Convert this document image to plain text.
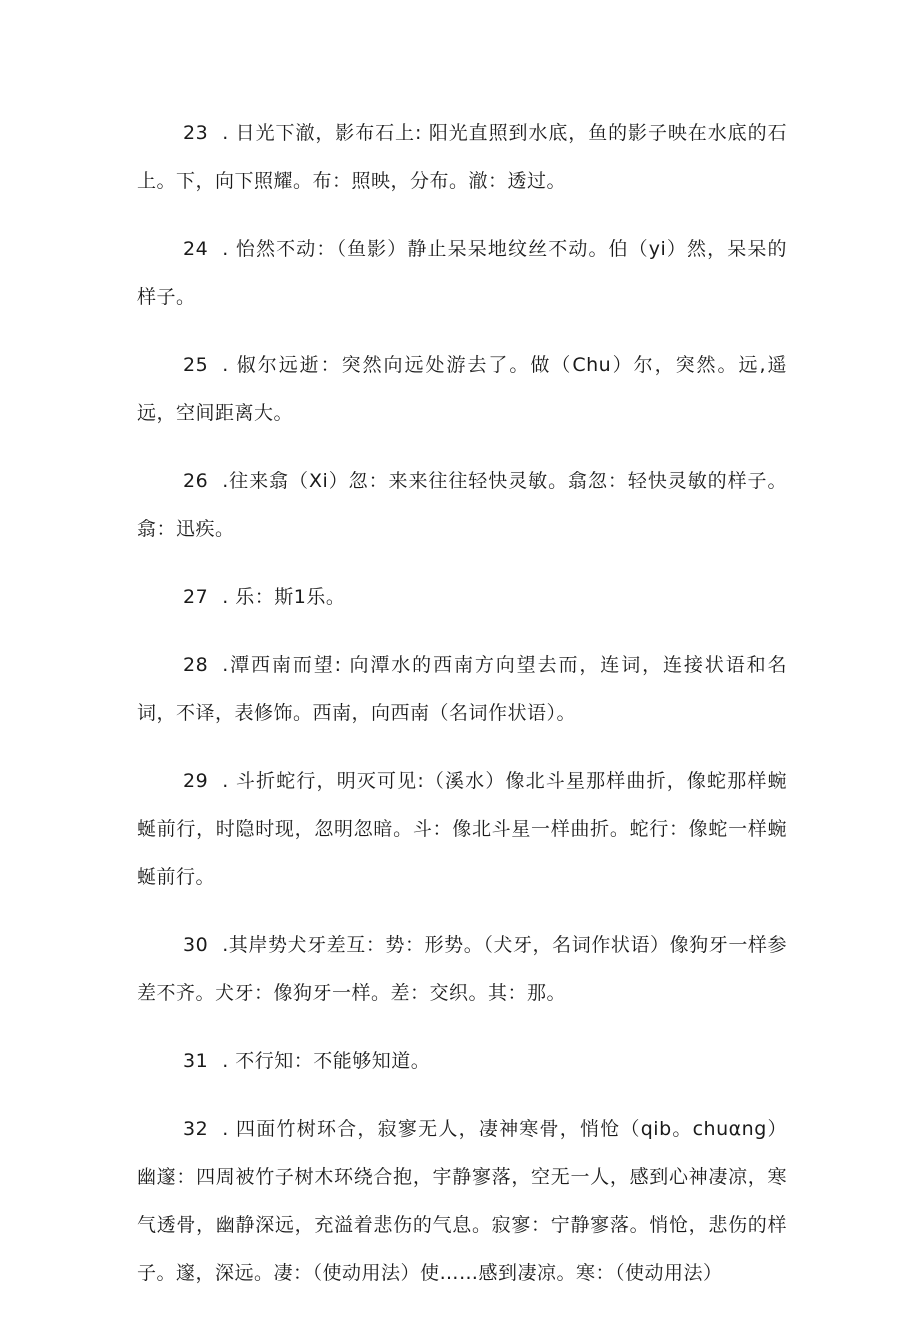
23 . 日光下澈，影布石上: 阳光直照到水底，鱼的影子映在水底的石上。下，向下照耀。布：照映，分布。澈：透过。

24 . 怡然不动：（鱼影）静止呆呆地纹丝不动。伯（yi）然，呆呆的样子。

25 . 俶尔远逝：突然向远处游去了。做（Chu）尔，突然。远,遥远，空间距离大。

26 .往来翕（Xi）忽：来来往往轻快灵敏。翕忽：轻快灵敏的样子。翕：迅疾。

27 . 乐：斯1乐。

28 .潭西南而望: 向潭水的西南方向望去而，连词，连接状语和名词，不译，表修饰。西南，向西南（名词作状语）。

29 . 斗折蛇行，明灭可见:（溪水）像北斗星那样曲折，像蛇那样蜿蜒前行，时隐时现，忽明忽暗。斗：像北斗星一样曲折。蛇行：像蛇一样蜿蜒前行。

30 .其岸势犬牙差互：势：形势。（犬牙，名词作状语）像狗牙一样参差不齐。犬牙：像狗牙一样。差：交织。其：那。

31 . 不行知：不能够知道。

32 . 四面竹树环合，寂寥无人，凄神寒骨，悄怆（qib。chuαng）幽邃：四周被竹子树木环绕合抱，宇静寥落，空无一人，感到心神凄凉，寒气透骨，幽静深远，充溢着悲伤的气息。寂寥：宁静寥落。悄怆，悲伤的样子。邃，深远。凄：（使动用法）使……感到凄凉。寒：（使动用法）
